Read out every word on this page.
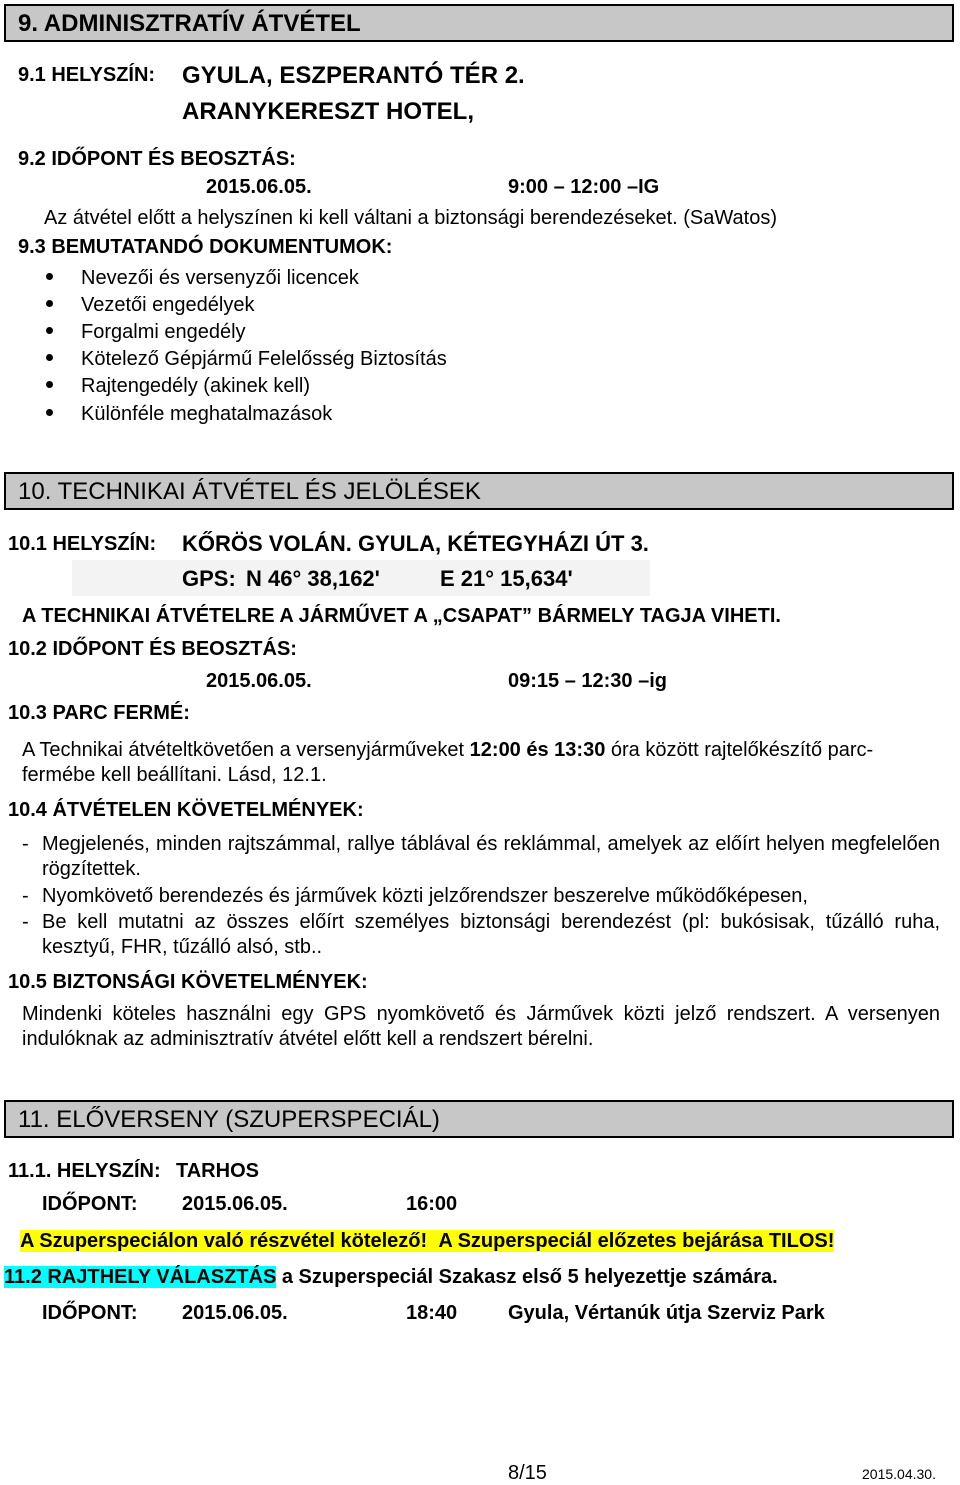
9. ADMINISZTRATÍV ÁTVÉTEL
9.1 HELYSZÍN: GYULA, ESZPERANTÓ TÉR 2.
ARANYKERESZT HOTEL,
9.2 IDŐPONT ÉS BEOSZTÁS:
2015.06.05.	9:00 – 12:00 –IG
Az átvétel előtt a helyszínen ki kell váltani a biztonsági berendezéseket. (SaWatos)
9.3 BEMUTATANDÓ DOKUMENTUMOK:
Nevezői és versenyzői licencek
Vezetői engedélyek
Forgalmi engedély
Kötelező Gépjármű Felelősség Biztosítás
Rajtengedély (akinek kell)
Különféle meghatalmazások
10. TECHNIKAI ÁTVÉTEL ÉS JELÖLÉSEK
10.1 HELYSZÍN: KŐRÖS VOLÁN. GYULA, KÉTEGYHÁZI ÚT 3.
GPS: N 46° 38,162'	E 21° 15,634'
A TECHNIKAI ÁTVÉTELRE A JÁRMŰVET A „CSAPAT” BÁRMELY TAGJA VIHETI.
10.2 IDŐPONT ÉS BEOSZTÁS:
2015.06.05.	09:15 – 12:30 –ig
10.3 PARC FERMÉ:
A Technikai átvételtkövetően a versenyjárműveket 12:00 és 13:30 óra között rajtelőkészítő parc-fermébe kell beállítani. Lásd, 12.1.
10.4 ÁTVÉTELEN KÖVETELMÉNYEK:
- Megjelenés, minden rajtszámmal, rallye táblával és reklámmal, amelyek az előírt helyen megfelelően rögzítettek.
- Nyomkövető berendezés és járművek közti jelzőrendszer beszerelve működőképesen,
- Be kell mutatni az összes előírt személyes biztonsági berendezést (pl: bukósisak, tűzálló ruha, kesztyű, FHR, tűzálló alsó, stb..
10.5 BIZTONSÁGI KÖVETELMÉNYEK:
Mindenki köteles használni egy GPS nyomkövető és Járművek közti jelző rendszert. A versenyen indulóknak az adminisztratív átvétel előtt kell a rendszert bérelni.
11. ELŐVERSENY (SZUPERSPECIÁL)
11.1. HELYSZÍN: TARHOS
IDŐPONT: 2015.06.05.	16:00
A Szuperspeciálon való részvétel kötelező! A Szuperspeciál előzetes bejárása TILOS!
11.2 RAJTHELY VÁLASZTÁS a Szuperspeciál Szakasz első 5 helyezettje számára.
IDŐPONT: 2015.06.05.	18:40	Gyula, Vértanúk útja Szerviz Park
8/15	2015.04.30.
